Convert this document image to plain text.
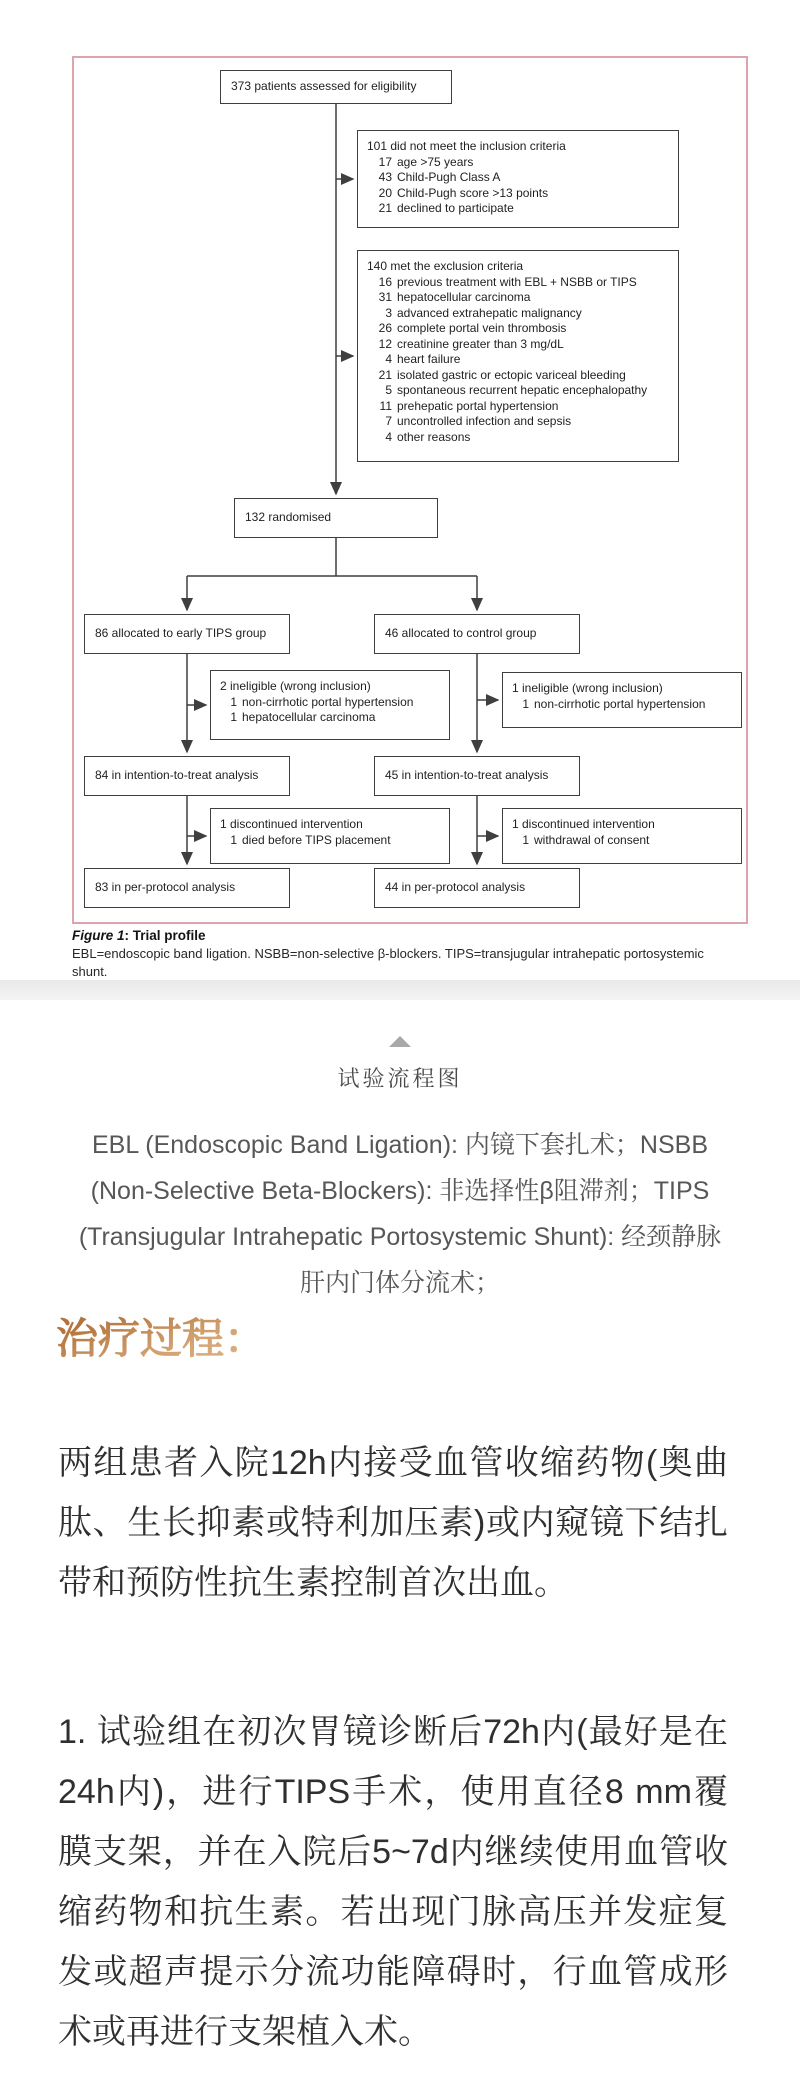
373 patients assessed for eligibility
101 did not meet the inclusion criteria
17 age >75 years
43 Child-Pugh Class A
20 Child-Pugh score >13 points
21 declined to participate
140 met the exclusion criteria
16 previous treatment with EBL + NSBB or TIPS
31 hepatocellular carcinoma
3 advanced extrahepatic malignancy
26 complete portal vein thrombosis
12 creatinine greater than 3 mg/dL
4 heart failure
21 isolated gastric or ectopic variceal bleeding
5 spontaneous recurrent hepatic encephalopathy
11 prehepatic portal hypertension
7 uncontrolled infection and sepsis
4 other reasons
132 randomised
86 allocated to early TIPS group	46 allocated to control group
2 ineligible (wrong inclusion)
1 non-cirrhotic portal hypertension
1 hepatocellular carcinoma
1 ineligible (wrong inclusion)
1 non-cirrhotic portal hypertension
84 in intention-to-treat analysis	45 in intention-to-treat analysis
1 discontinued intervention
1 died before TIPS placement
1 discontinued intervention
1 withdrawal of consent
83 in per-protocol analysis	44 in per-protocol analysis
Figure 1: Trial profile
EBL=endoscopic band ligation. NSBB=non-selective β-blockers. TIPS=transjugular intrahepatic portosystemic shunt.
试验流程图
EBL (Endoscopic Band Ligation): 内镜下套扎术；NSBB (Non-Selective Beta-Blockers): 非选择性β阻滞剂；TIPS (Transjugular Intrahepatic Portosystemic Shunt): 经颈静脉肝内门体分流术；
治疗过程：
两组患者入院12h内接受血管收缩药物(奥曲肽、生长抑素或特利加压素)或内窥镜下结扎带和预防性抗生素控制首次出血。
1. 试验组在初次胃镜诊断后72h内(最好是在24h内)，进行TIPS手术，使用直径8 mm覆膜支架，并在入院后5~7d内继续使用血管收缩药物和抗生素。若出现门脉高压并发症复发或超声提示分流功能障碍时，行血管成形术或再进行支架植入术。
